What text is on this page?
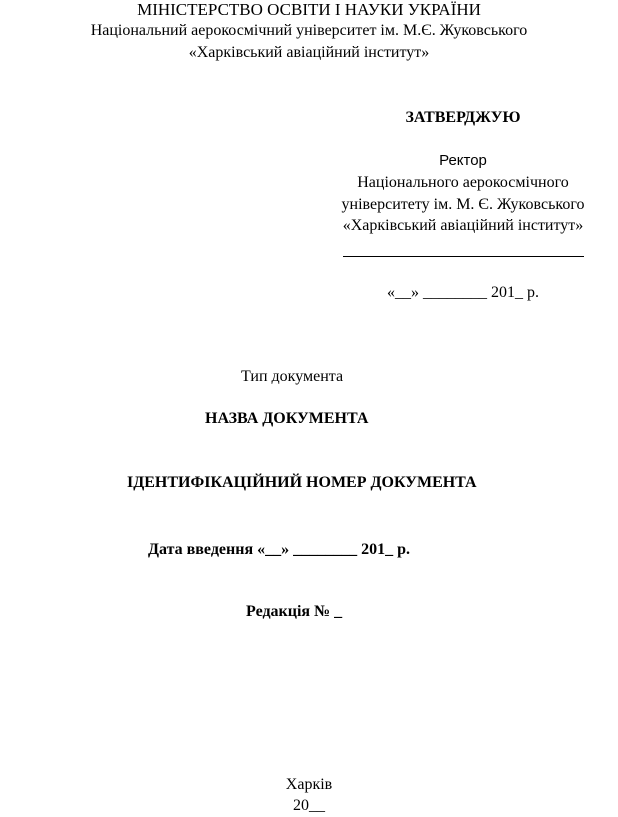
МІНІСТЕРСТВО ОСВІТИ І НАУКИ УКРАЇНИ
Національний аерокосмічний університет ім. М.Є. Жуковського
«Харківський авіаційний інститут»
ЗАТВЕРДЖУЮ
Ректор
Національного аерокосмічного
університету ім. М. Є. Жуковського
«Харківський авіаційний інститут»
«__» ________ 201_ р.
Тип документа
НАЗВА ДОКУМЕНТА
ІДЕНТИФІКАЦІЙНИЙ НОМЕР ДОКУМЕНТА
Дата введення «__» ________ 201_ р.
Редакція № _
Харків
20__
